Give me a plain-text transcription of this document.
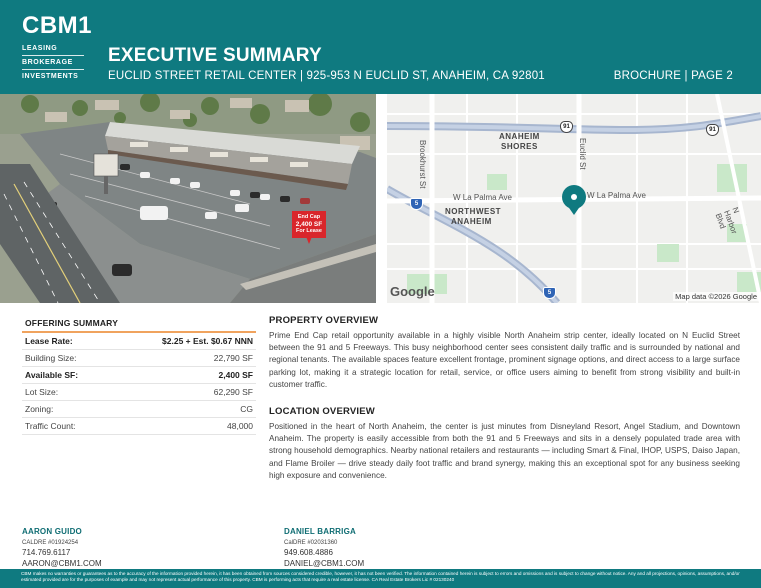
CBM1
LEASING
BROKERAGE
INVESTMENTS
EXECUTIVE SUMMARY
EUCLID STREET RETAIL CENTER | 925-953 N EUCLID ST, ANAHEIM, CA 92801	BROCHURE | PAGE 2
End Cap
2,400 SF
For Lease
ANAHEIM
SHORES
NORTHWEST
ANAHEIM
Brookhurst St	Euclid St
W La Palma Ave	W La Palma Ave
N Harbor Blvd
91	91
5
5
Google	Map data ©2026 Google
OFFERING SUMMARY
Lease Rate:	$2.25 + Est. $0.67 NNN
Building Size:	22,790 SF
Available SF:	2,400 SF
Lot Size:	62,290 SF
Zoning:	CG
Traffic Count:	48,000
PROPERTY OVERVIEW
Prime End Cap retail opportunity available in a highly visible North Anaheim strip center, ideally located on N Euclid Street between the 91 and 5 Freeways. This busy neighborhood center sees consistent daily traffic and is surrounded by national and regional tenants. The available spaces feature excellent frontage, prominent signage options, and direct access to a large surface parking lot, making it a strategic location for retail, service, or office users aiming to benefit from strong visibility and built-in customer traffic.
LOCATION OVERVIEW
Positioned in the heart of North Anaheim, the center is just minutes from Disneyland Resort, Angel Stadium, and Downtown Anaheim. The property is easily accessible from both the 91 and 5 Freeways and sits in a densely populated trade area with strong household demographics. Nearby national retailers and restaurants — including Smart & Final, IHOP, USPS, Daiso Japan, and Flame Broiler — drive steady daily foot traffic and brand synergy, making this an exceptional spot for any business seeking high exposure and convenience.
AARON GUIDO
CALDRE #01924254
714.769.6117
AARON@CBM1.COM
DANIEL BARRIGA
CalDRE #02031360
949.608.4886
DANIEL@CBM1.COM
CBM makes no warranties or guarantees as to the accuracy of the information provided herein, it has been obtained from sources considered credible, however, it has not been verified. The information contained herein is subject to errors and omissions and is subject to change without notice. Any and all projections, opinions, assumptions, and/or estimated provided are for the purposes of example and may not represent actual performance of this property. CBM is performing acts that require a real estate license. CA Real Estate Brokers Lic # 02130240
